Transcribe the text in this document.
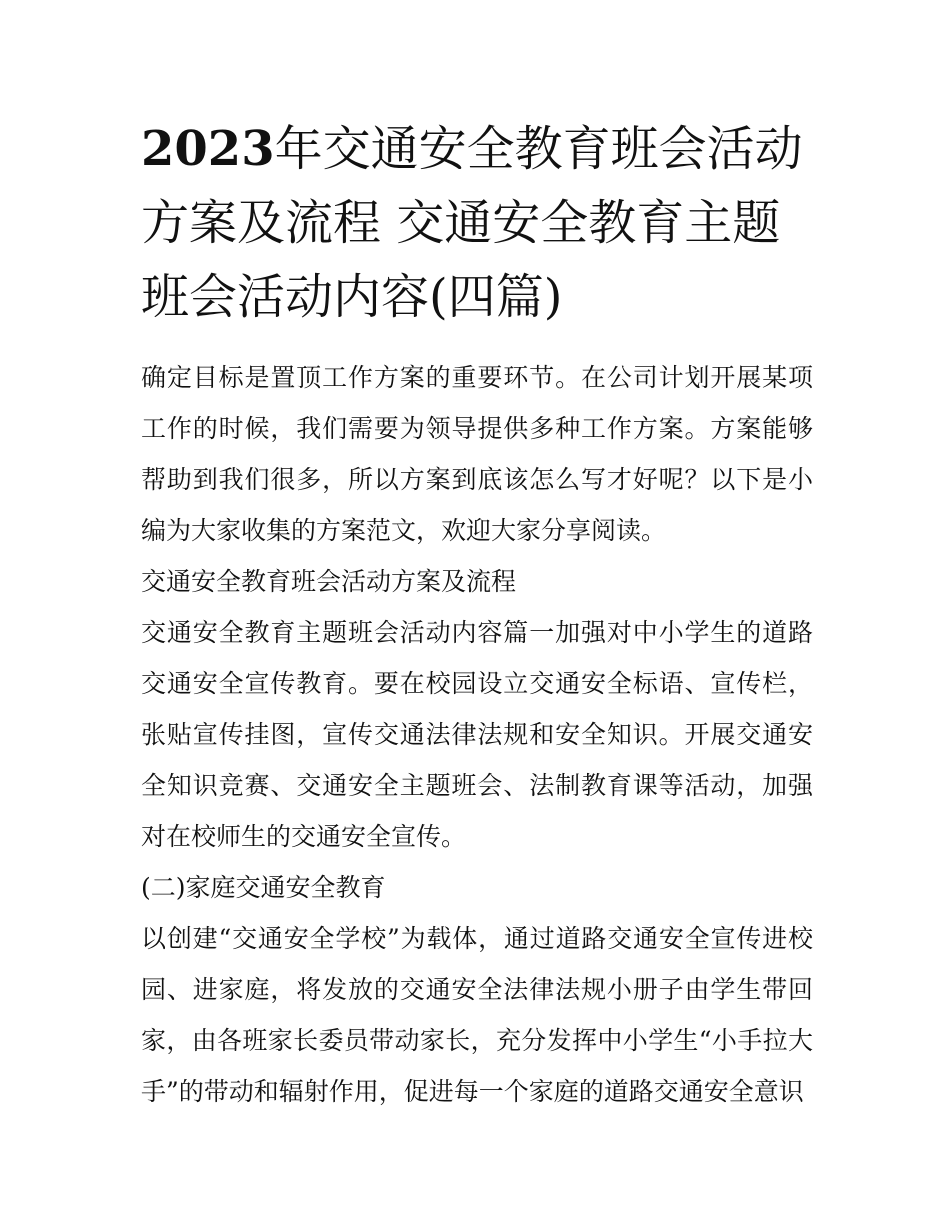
2023年交通安全教育班会活动方案及流程 交通安全教育主题班会活动内容(四篇)

确定目标是置顶工作方案的重要环节。在公司计划开展某项工作的时候，我们需要为领导提供多种工作方案。方案能够帮助到我们很多，所以方案到底该怎么写才好呢？以下是小编为大家收集的方案范文，欢迎大家分享阅读。

交通安全教育班会活动方案及流程

交通安全教育主题班会活动内容篇一加强对中小学生的道路交通安全宣传教育。要在校园设立交通安全标语、宣传栏，张贴宣传挂图，宣传交通法律法规和安全知识。开展交通安全知识竞赛、交通安全主题班会、法制教育课等活动，加强对在校师生的交通安全宣传。

(二)家庭交通安全教育

以创建“交通安全学校”为载体，通过道路交通安全宣传进校园、进家庭，将发放的交通安全法律法规小册子由学生带回家，由各班家长委员带动家长，充分发挥中小学生“小手拉大手”的带动和辐射作用，促进每一个家庭的道路交通安全意识
